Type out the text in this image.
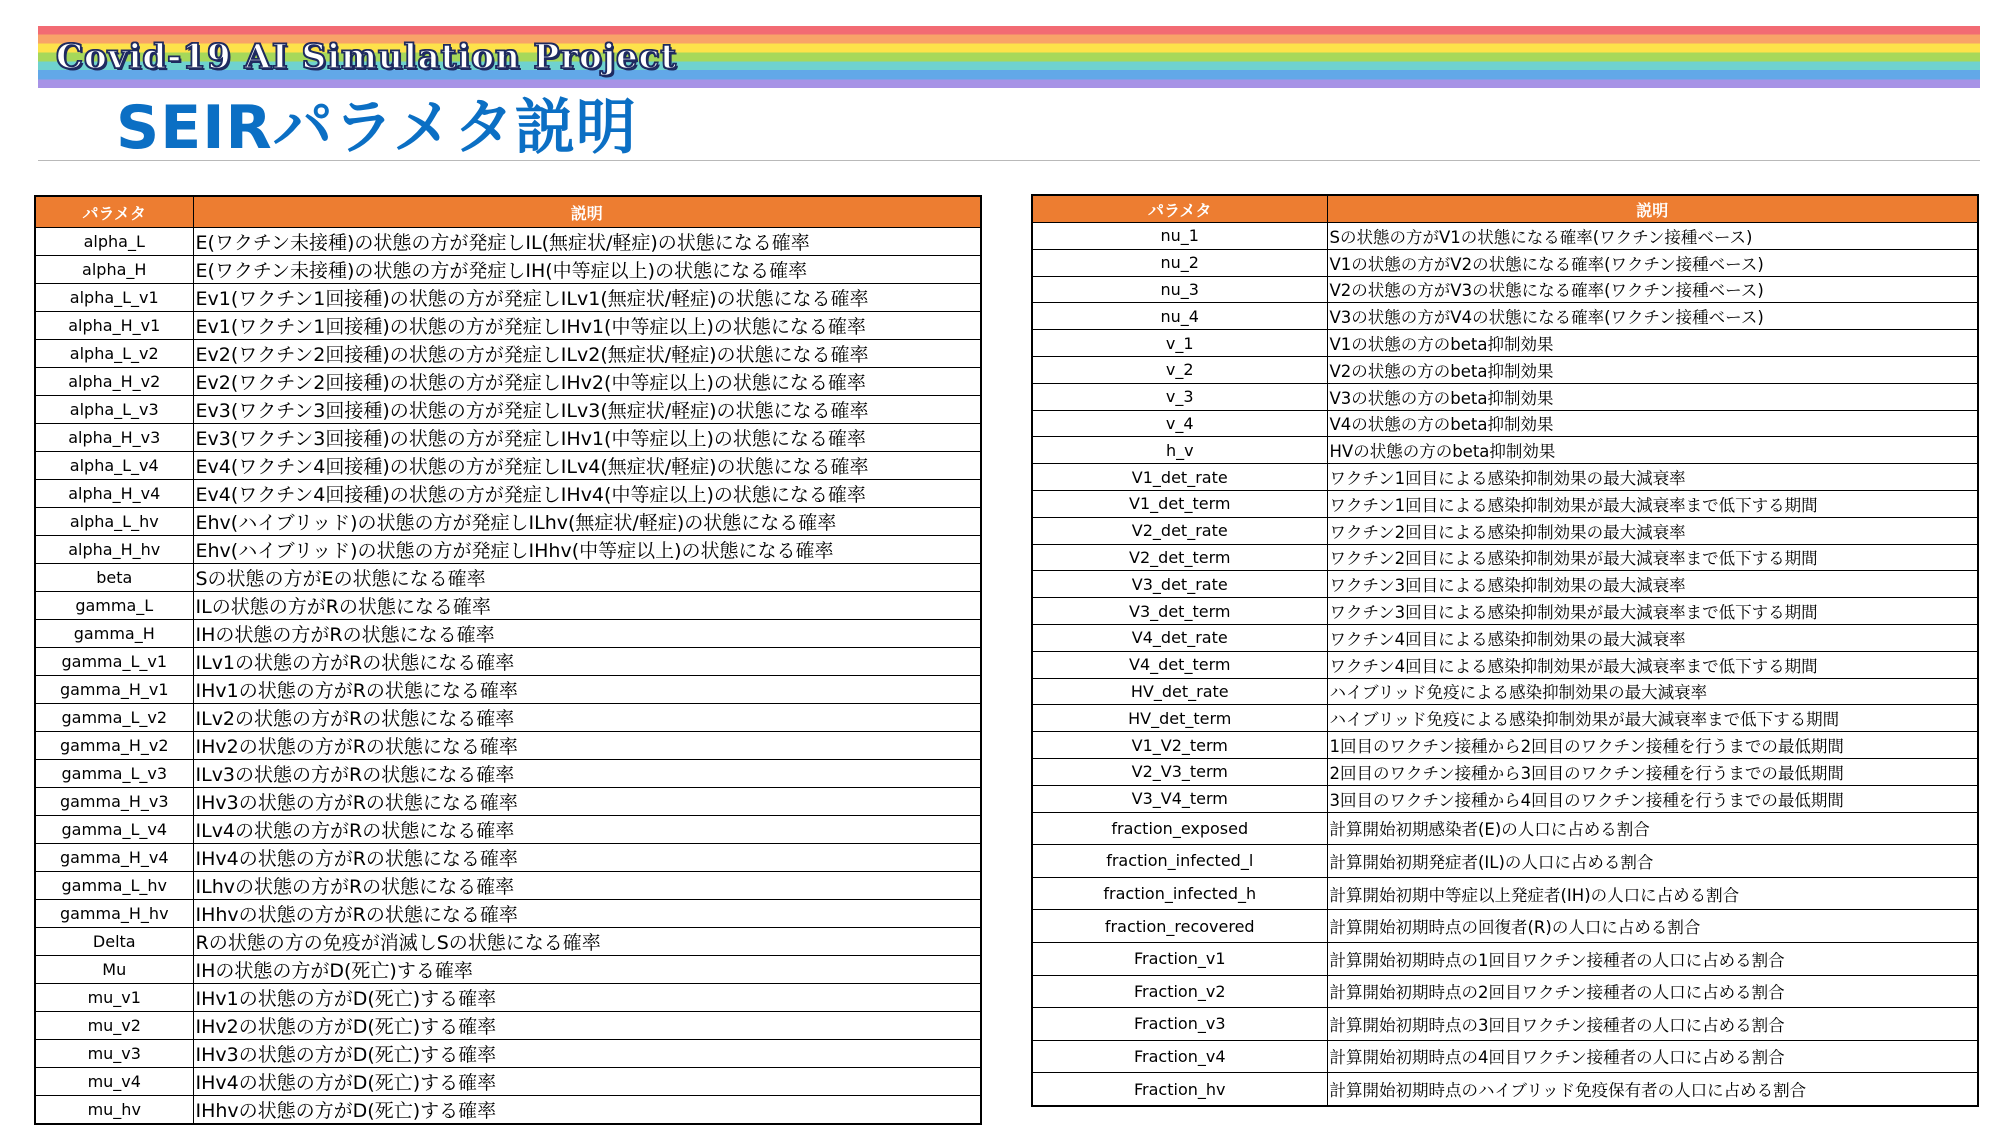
Covid-19 AI Simulation Project
SEIRパラメタ説明
パラメタ	説明
alpha_L	E(ワクチン未接種)の状態の方が発症しIL(無症状/軽症)の状態になる確率
alpha_H	E(ワクチン未接種)の状態の方が発症しIH(中等症以上)の状態になる確率
alpha_L_v1	Ev1(ワクチン1回接種)の状態の方が発症しILv1(無症状/軽症)の状態になる確率
alpha_H_v1	Ev1(ワクチン1回接種)の状態の方が発症しIHv1(中等症以上)の状態になる確率
alpha_L_v2	Ev2(ワクチン2回接種)の状態の方が発症しILv2(無症状/軽症)の状態になる確率
alpha_H_v2	Ev2(ワクチン2回接種)の状態の方が発症しIHv2(中等症以上)の状態になる確率
alpha_L_v3	Ev3(ワクチン3回接種)の状態の方が発症しILv3(無症状/軽症)の状態になる確率
alpha_H_v3	Ev3(ワクチン3回接種)の状態の方が発症しIHv1(中等症以上)の状態になる確率
alpha_L_v4	Ev4(ワクチン4回接種)の状態の方が発症しILv4(無症状/軽症)の状態になる確率
alpha_H_v4	Ev4(ワクチン4回接種)の状態の方が発症しIHv4(中等症以上)の状態になる確率
alpha_L_hv	Ehv(ハイブリッド)の状態の方が発症しILhv(無症状/軽症)の状態になる確率
alpha_H_hv	Ehv(ハイブリッド)の状態の方が発症しIHhv(中等症以上)の状態になる確率
beta	Sの状態の方がEの状態になる確率
gamma_L	ILの状態の方がRの状態になる確率
gamma_H	IHの状態の方がRの状態になる確率
gamma_L_v1	ILv1の状態の方がRの状態になる確率
gamma_H_v1	IHv1の状態の方がRの状態になる確率
gamma_L_v2	ILv2の状態の方がRの状態になる確率
gamma_H_v2	IHv2の状態の方がRの状態になる確率
gamma_L_v3	ILv3の状態の方がRの状態になる確率
gamma_H_v3	IHv3の状態の方がRの状態になる確率
gamma_L_v4	ILv4の状態の方がRの状態になる確率
gamma_H_v4	IHv4の状態の方がRの状態になる確率
gamma_L_hv	ILhvの状態の方がRの状態になる確率
gamma_H_hv	IHhvの状態の方がRの状態になる確率
Delta	Rの状態の方の免疫が消滅しSの状態になる確率
Mu	IHの状態の方がD(死亡)する確率
mu_v1	IHv1の状態の方がD(死亡)する確率
mu_v2	IHv2の状態の方がD(死亡)する確率
mu_v3	IHv3の状態の方がD(死亡)する確率
mu_v4	IHv4の状態の方がD(死亡)する確率
mu_hv	IHhvの状態の方がD(死亡)する確率
パラメタ	説明
nu_1	Sの状態の方がV1の状態になる確率(ワクチン接種ベース)
nu_2	V1の状態の方がV2の状態になる確率(ワクチン接種ベース)
nu_3	V2の状態の方がV3の状態になる確率(ワクチン接種ベース)
nu_4	V3の状態の方がV4の状態になる確率(ワクチン接種ベース)
v_1	V1の状態の方のbeta抑制効果
v_2	V2の状態の方のbeta抑制効果
v_3	V3の状態の方のbeta抑制効果
v_4	V4の状態の方のbeta抑制効果
h_v	HVの状態の方のbeta抑制効果
V1_det_rate	ワクチン1回目による感染抑制効果の最大減衰率
V1_det_term	ワクチン1回目による感染抑制効果が最大減衰率まで低下する期間
V2_det_rate	ワクチン2回目による感染抑制効果の最大減衰率
V2_det_term	ワクチン2回目による感染抑制効果が最大減衰率まで低下する期間
V3_det_rate	ワクチン3回目による感染抑制効果の最大減衰率
V3_det_term	ワクチン3回目による感染抑制効果が最大減衰率まで低下する期間
V4_det_rate	ワクチン4回目による感染抑制効果の最大減衰率
V4_det_term	ワクチン4回目による感染抑制効果が最大減衰率まで低下する期間
HV_det_rate	ハイブリッド免疫による感染抑制効果の最大減衰率
HV_det_term	ハイブリッド免疫による感染抑制効果が最大減衰率まで低下する期間
V1_V2_term	1回目のワクチン接種から2回目のワクチン接種を行うまでの最低期間
V2_V3_term	2回目のワクチン接種から3回目のワクチン接種を行うまでの最低期間
V3_V4_term	3回目のワクチン接種から4回目のワクチン接種を行うまでの最低期間
fraction_exposed	計算開始初期感染者(E)の人口に占める割合
fraction_infected_l	計算開始初期発症者(IL)の人口に占める割合
fraction_infected_h	計算開始初期中等症以上発症者(IH)の人口に占める割合
fraction_recovered	計算開始初期時点の回復者(R)の人口に占める割合
Fraction_v1	計算開始初期時点の1回目ワクチン接種者の人口に占める割合
Fraction_v2	計算開始初期時点の2回目ワクチン接種者の人口に占める割合
Fraction_v3	計算開始初期時点の3回目ワクチン接種者の人口に占める割合
Fraction_v4	計算開始初期時点の4回目ワクチン接種者の人口に占める割合
Fraction_hv	計算開始初期時点のハイブリッド免疫保有者の人口に占める割合
